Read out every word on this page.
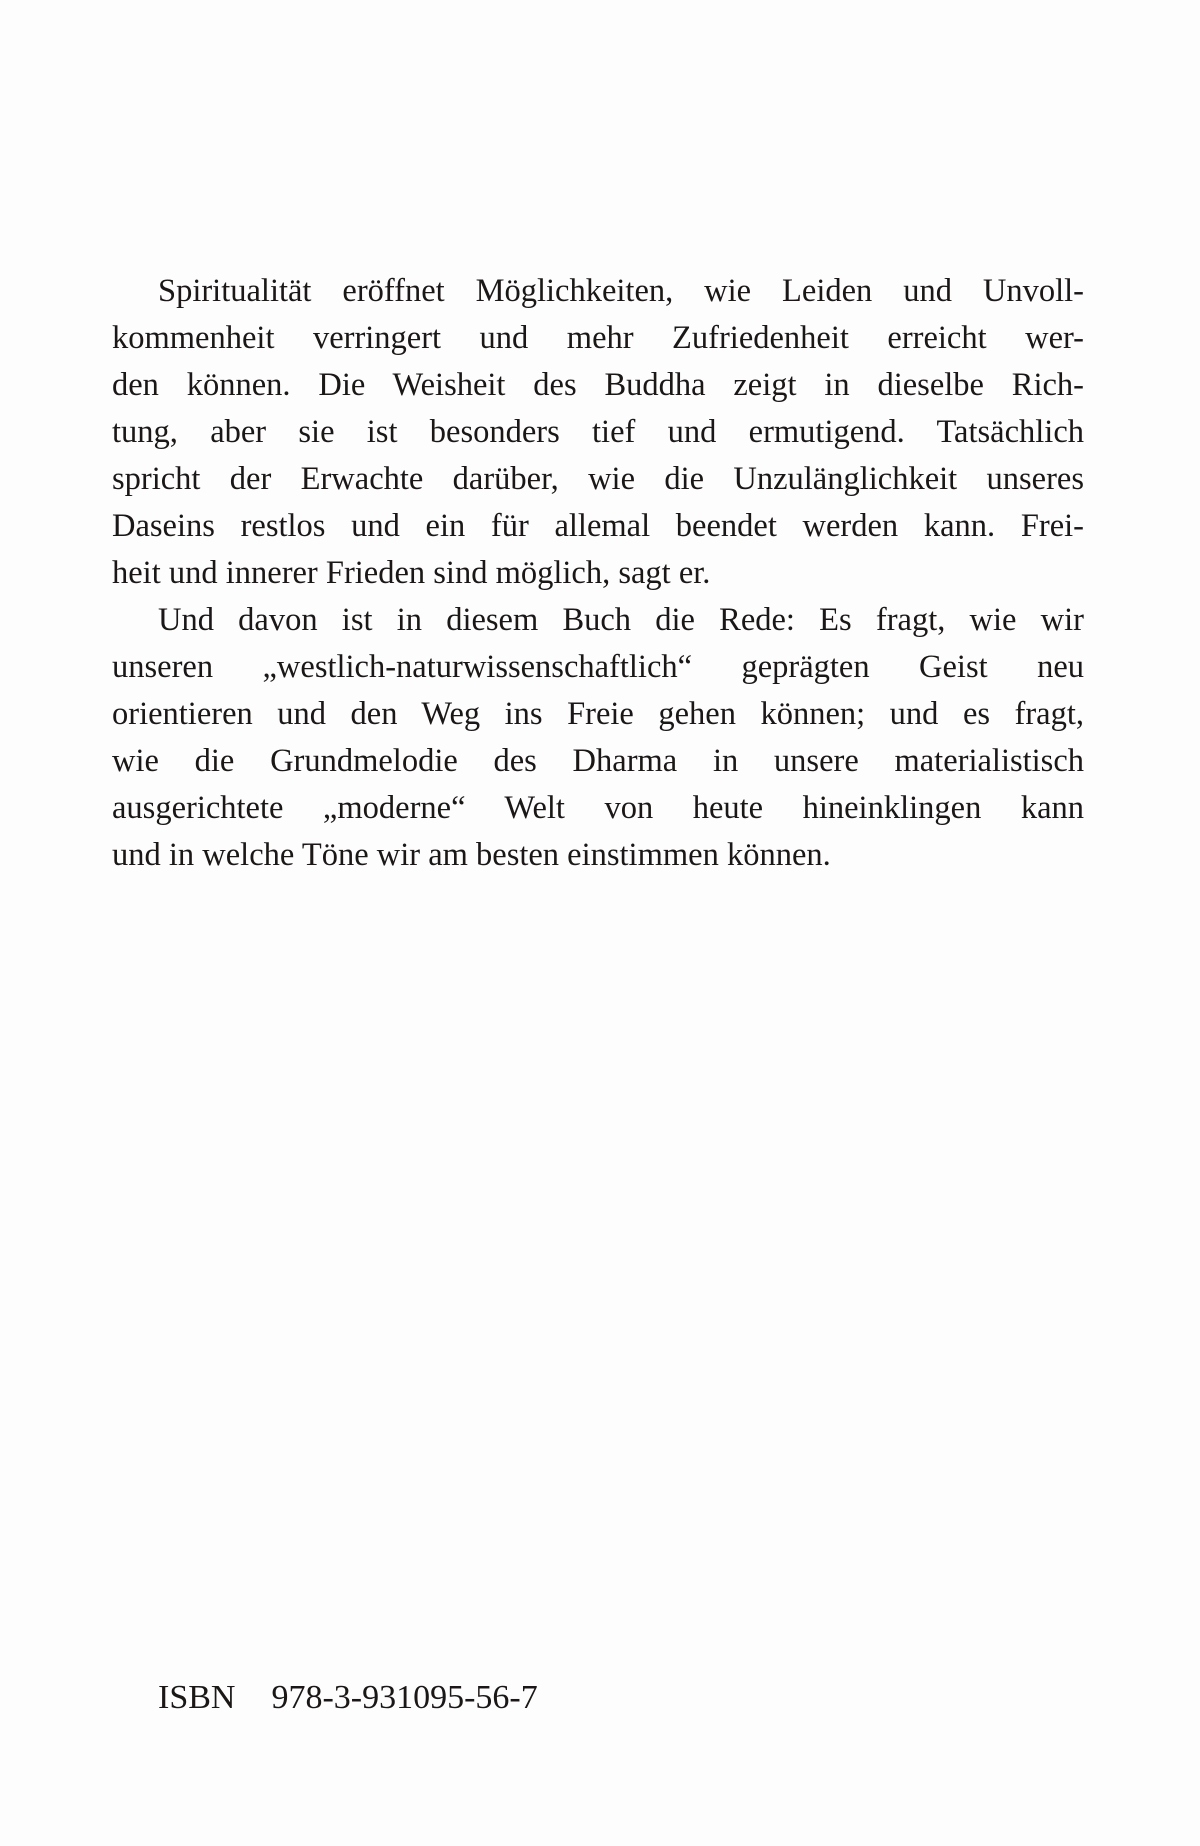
Spiritualität eröffnet Möglichkeiten, wie Leiden und Unvoll-
kommenheit verringert und mehr Zufriedenheit erreicht wer-
den können. Die Weisheit des Buddha zeigt in dieselbe Rich-
tung, aber sie ist besonders tief und ermutigend. Tatsächlich
spricht der Erwachte darüber, wie die Unzulänglichkeit unseres
Daseins restlos und ein für allemal beendet werden kann. Frei-
heit und innerer Frieden sind möglich, sagt er.
Und davon ist in diesem Buch die Rede: Es fragt, wie wir
unseren „westlich-naturwissenschaftlich“ geprägten Geist neu
orientieren und den Weg ins Freie gehen können; und es fragt,
wie die Grundmelodie des Dharma in unsere materialistisch
ausgerichtete „moderne“ Welt von heute hineinklingen kann
und in welche Töne wir am besten einstimmen können.
ISBN 978-3-931095-56-7
